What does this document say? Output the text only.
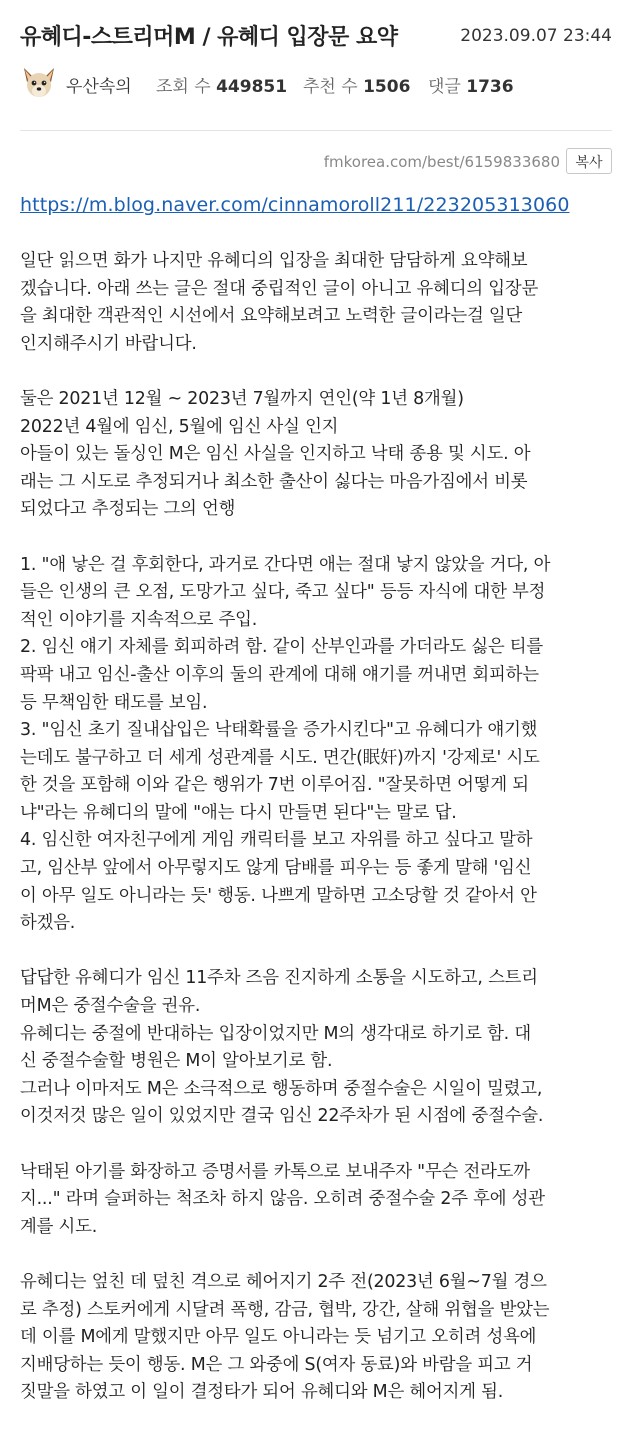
유혜디-스트리머M / 유혜디 입장문 요약	2023.09.07 23:44
우산속의 조회 수 449851 추천 수 1506 댓글 1736
fmkorea.com/best/6159833680	복사
https://m.blog.naver.com/cinnamoroll211/223205313060
일단 읽으면 화가 나지만 유혜디의 입장을 최대한 담담하게 요약해보
겠습니다. 아래 쓰는 글은 절대 중립적인 글이 아니고 유혜디의 입장문
을 최대한 객관적인 시선에서 요약해보려고 노력한 글이라는걸 일단
인지해주시기 바랍니다.
둘은 2021년 12월 ~ 2023년 7월까지 연인(약 1년 8개월)
2022년 4월에 임신, 5월에 임신 사실 인지
아들이 있는 돌싱인 M은 임신 사실을 인지하고 낙태 종용 및 시도. 아
래는 그 시도로 추정되거나 최소한 출산이 싫다는 마음가짐에서 비롯
되었다고 추정되는 그의 언행
1. "애 낳은 걸 후회한다, 과거로 간다면 애는 절대 낳지 않았을 거다, 아
들은 인생의 큰 오점, 도망가고 싶다, 죽고 싶다" 등등 자식에 대한 부정
적인 이야기를 지속적으로 주입.
2. 임신 얘기 자체를 회피하려 함. 같이 산부인과를 가더라도 싫은 티를
팍팍 내고 임신-출산 이후의 둘의 관계에 대해 얘기를 꺼내면 회피하는
등 무책임한 태도를 보임.
3. "임신 초기 질내삽입은 낙태확률을 증가시킨다"고 유혜디가 얘기했
는데도 불구하고 더 세게 성관계를 시도. 면간(眠奸)까지 '강제로' 시도
한 것을 포함해 이와 같은 행위가 7번 이루어짐. "잘못하면 어떻게 되
냐"라는 유혜디의 말에 "애는 다시 만들면 된다"는 말로 답.
4. 임신한 여자친구에게 게임 캐릭터를 보고 자위를 하고 싶다고 말하
고, 임산부 앞에서 아무렇지도 않게 담배를 피우는 등 좋게 말해 '임신
이 아무 일도 아니라는 듯' 행동. 나쁘게 말하면 고소당할 것 같아서 안
하겠음.
답답한 유혜디가 임신 11주차 즈음 진지하게 소통을 시도하고, 스트리
머M은 중절수술을 권유.
유혜디는 중절에 반대하는 입장이었지만 M의 생각대로 하기로 함. 대
신 중절수술할 병원은 M이 알아보기로 함.
그러나 이마저도 M은 소극적으로 행동하며 중절수술은 시일이 밀렸고,
이것저것 많은 일이 있었지만 결국 임신 22주차가 된 시점에 중절수술.
낙태된 아기를 화장하고 증명서를 카톡으로 보내주자 "무슨 전라도까
지..." 라며 슬퍼하는 척조차 하지 않음. 오히려 중절수술 2주 후에 성관
계를 시도.
유혜디는 엎친 데 덮친 격으로 헤어지기 2주 전(2023년 6월~7월 경으
로 추정) 스토커에게 시달려 폭행, 감금, 협박, 강간, 살해 위협을 받았는
데 이를 M에게 말했지만 아무 일도 아니라는 듯 넘기고 오히려 성욕에
지배당하는 듯이 행동. M은 그 와중에 S(여자 동료)와 바람을 피고 거
짓말을 하였고 이 일이 결정타가 되어 유혜디와 M은 헤어지게 됨.
